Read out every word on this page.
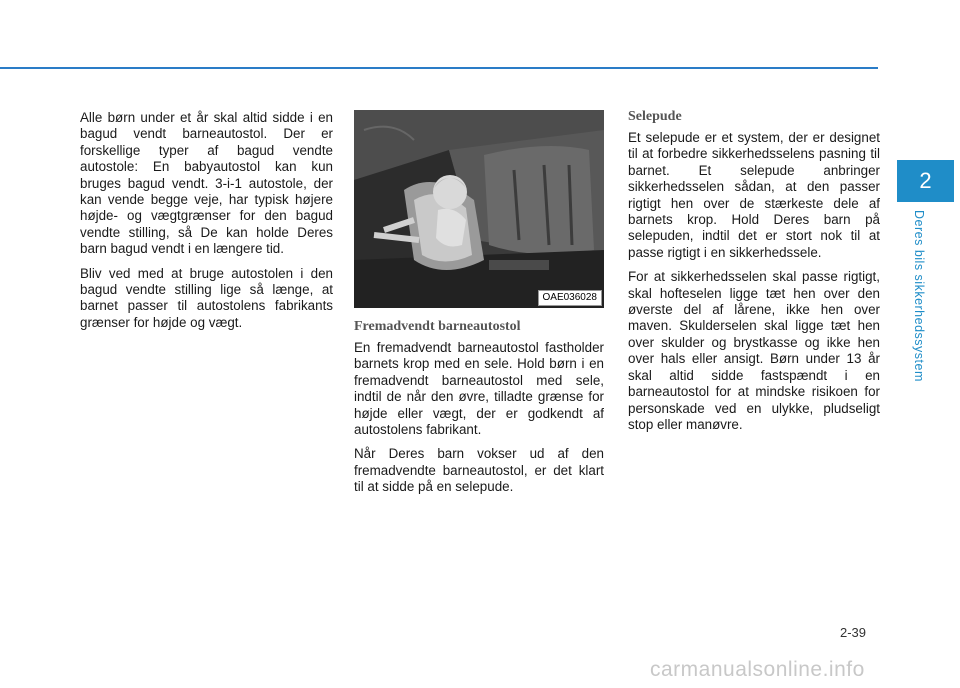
Alle børn under et år skal altid sidde i en bagud vendt barneautostol. Der er forskellige typer af bagud vendte autostole: En babyautostol kan kun bruges bagud vendt. 3-i-1 autostole, der kan vende begge veje, har typisk højere højde- og vægtgrænser for den bagud vendte stilling, så De kan holde Deres barn bagud vendt i en længere tid.

Bliv ved med at bruge autostolen i den bagud vendte stilling lige så længe, at barnet passer til autostolens fabrikants grænser for højde og vægt.

OAE036028
Fremadvendt barneautostol

En fremadvendt barneautostol fastholder barnets krop med en sele. Hold børn i en fremadvendt barneautostol med sele, indtil de når den øvre, tilladte grænse for højde eller vægt, der er godkendt af autostolens fabrikant.

Når Deres barn vokser ud af den fremadvendte barneautostol, er det klart til at sidde på en selepude.

Selepude

Et selepude er et system, der er designet til at forbedre sikkerhedsselens pasning til barnet. Et selepude anbringer sikkerhedsselen sådan, at den passer rigtigt hen over de stærkeste dele af barnets krop. Hold Deres barn på selepuden, indtil det er stort nok til at passe rigtigt i en sikkerhedssele.

For at sikkerhedsselen skal passe rigtigt, skal hofteselen ligge tæt hen over den øverste del af lårene, ikke hen over maven. Skulderselen skal ligge tæt hen over skulder og brystkasse og ikke hen over hals eller ansigt. Børn under 13 år skal altid sidde fastspændt i en barneautostol for at mindske risikoen for personskade ved en ulykke, pludseligt stop eller manøvre.

2
Deres bils sikkerhedssystem
2-39
carmanualsonline.info
